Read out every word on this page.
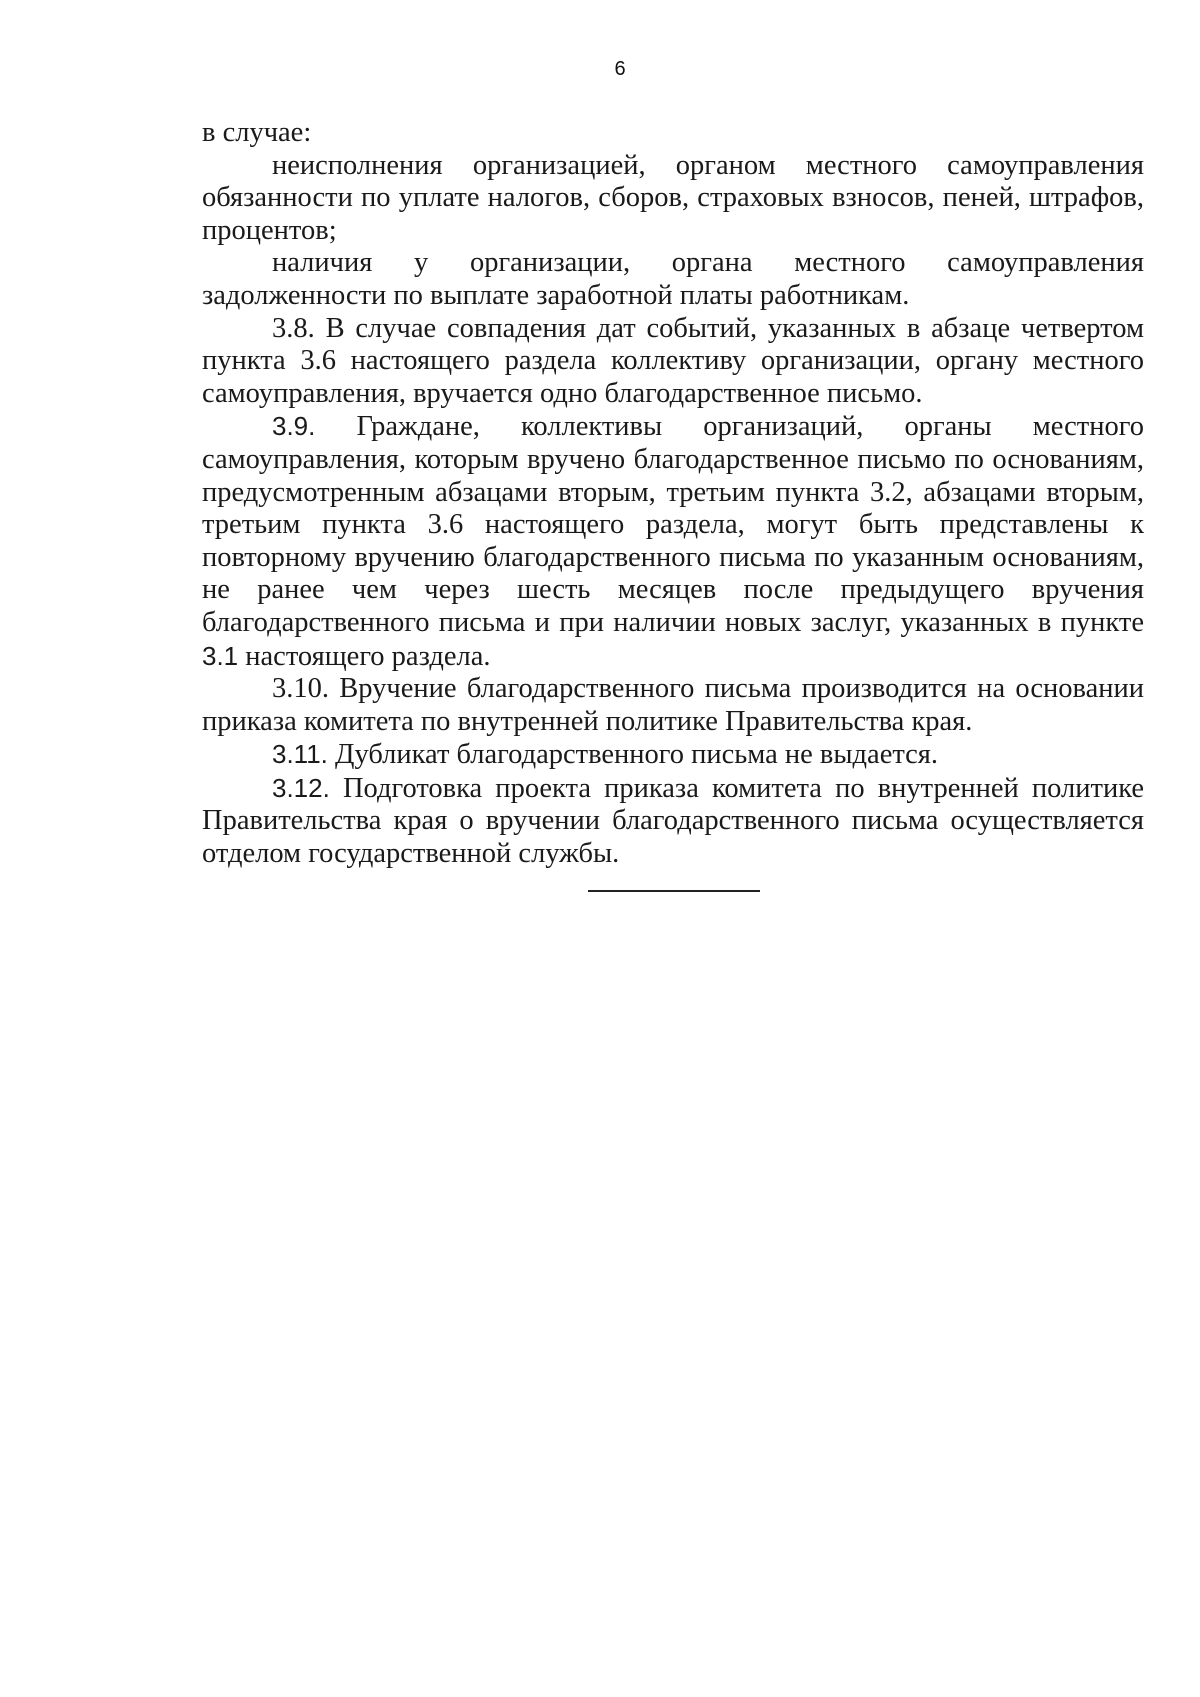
6

в случае:

неисполнения организацией, органом местного самоуправления обязанности по уплате налогов, сборов, страховых взносов, пеней, штрафов, процентов;

наличия у организации, органа местного самоуправления задолженности по выплате заработной платы работникам.

3.8. В случае совпадения дат событий, указанных в абзаце четвертом пункта 3.6 настоящего раздела коллективу организации, органу местного самоуправления, вручается одно благодарственное письмо.

3.9. Граждане, коллективы организаций, органы местного самоуправления, которым вручено благодарственное письмо по основаниям, предусмотренным абзацами вторым, третьим пункта 3.2, абзацами вторым, третьим пункта 3.6 настоящего раздела, могут быть представлены к повторному вручению благодарственного письма по указанным основаниям, не ранее чем через шесть месяцев после предыдущего вручения благодарственного письма и при наличии новых заслуг, указанных в пункте 3.1 настоящего раздела.

3.10. Вручение благодарственного письма производится на основании приказа комитета по внутренней политике Правительства края.

3.11. Дубликат благодарственного письма не выдается.

3.12. Подготовка проекта приказа комитета по внутренней политике Правительства края о вручении благодарственного письма осуществляется отделом государственной службы.
